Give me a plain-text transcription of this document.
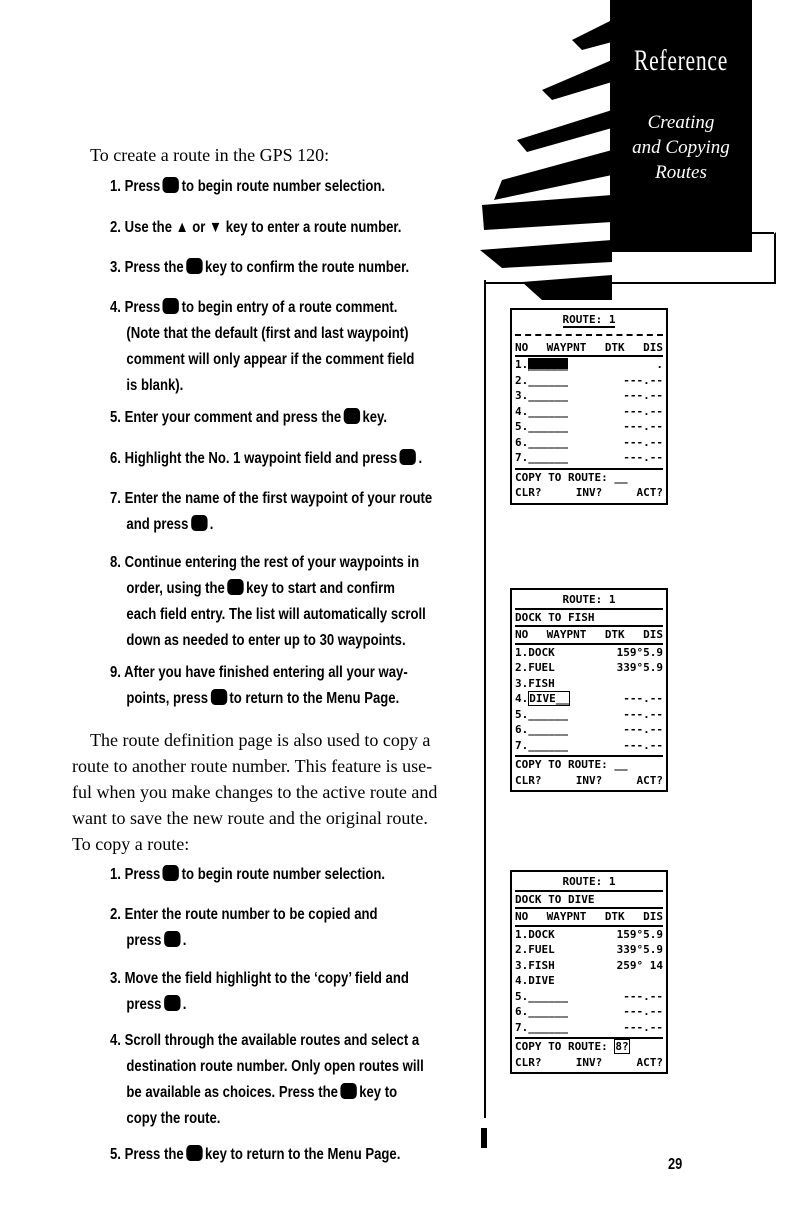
Reference
Creating
and Copying
Routes
To create a route in the GPS 120:
1. Press to begin route number selection.
2. Use the ▲ or ▼ key to enter a route number.
3. Press the key to confirm the route number.
4. Press to begin entry of a route comment.
(Note that the default (first and last waypoint)
comment will only appear if the comment field
is blank).
5. Enter your comment and press the key.
6. Highlight the No. 1 waypoint field and press .
7. Enter the name of the first waypoint of your route
and press .
8. Continue entering the rest of your waypoints in
order, using the key to start and confirm
each field entry. The list will automatically scroll
down as needed to enter up to 30 waypoints.
9. After you have finished entering all your way-
points, press to return to the Menu Page.
The route definition page is also used to copy a
route to another route number. This feature is use-
ful when you make changes to the active route and
want to save the new route and the original route.
To copy a route:
1. Press to begin route number selection.
2. Enter the route number to be copied and
press .
3. Move the field highlight to the ‘copy’ field and
press .
4. Scroll through the available routes and select a
destination route number. Only open routes will
be available as choices. Press the key to
copy the route.
5. Press the key to return to the Menu Page.
ROUTE: 1
NO WAYPNT DTK DIS
1.______	.
2.______	---.--
3.______	---.--
4.______	---.--
5.______	---.--
6.______	---.--
7.______	---.--
COPY TO ROUTE: __
CLR?	INV?	ACT?
ROUTE: 1
DOCK TO FISH
NO WAYPNT DTK DIS
1.DOCK	159°5.9
2.FUEL	339°5.9
3.FISH
4.DIVE__	---.--
5.______	---.--
6.______	---.--
7.______	---.--
COPY TO ROUTE: __
CLR?	INV?	ACT?
ROUTE: 1
DOCK TO DIVE
NO WAYPNT DTK DIS
1.DOCK	159°5.9
2.FUEL	339°5.9
3.FISH	259° 14
4.DIVE
5.______	---.--
6.______	---.--
7.______	---.--
COPY TO ROUTE: 8?
CLR?	INV?	ACT?
29
